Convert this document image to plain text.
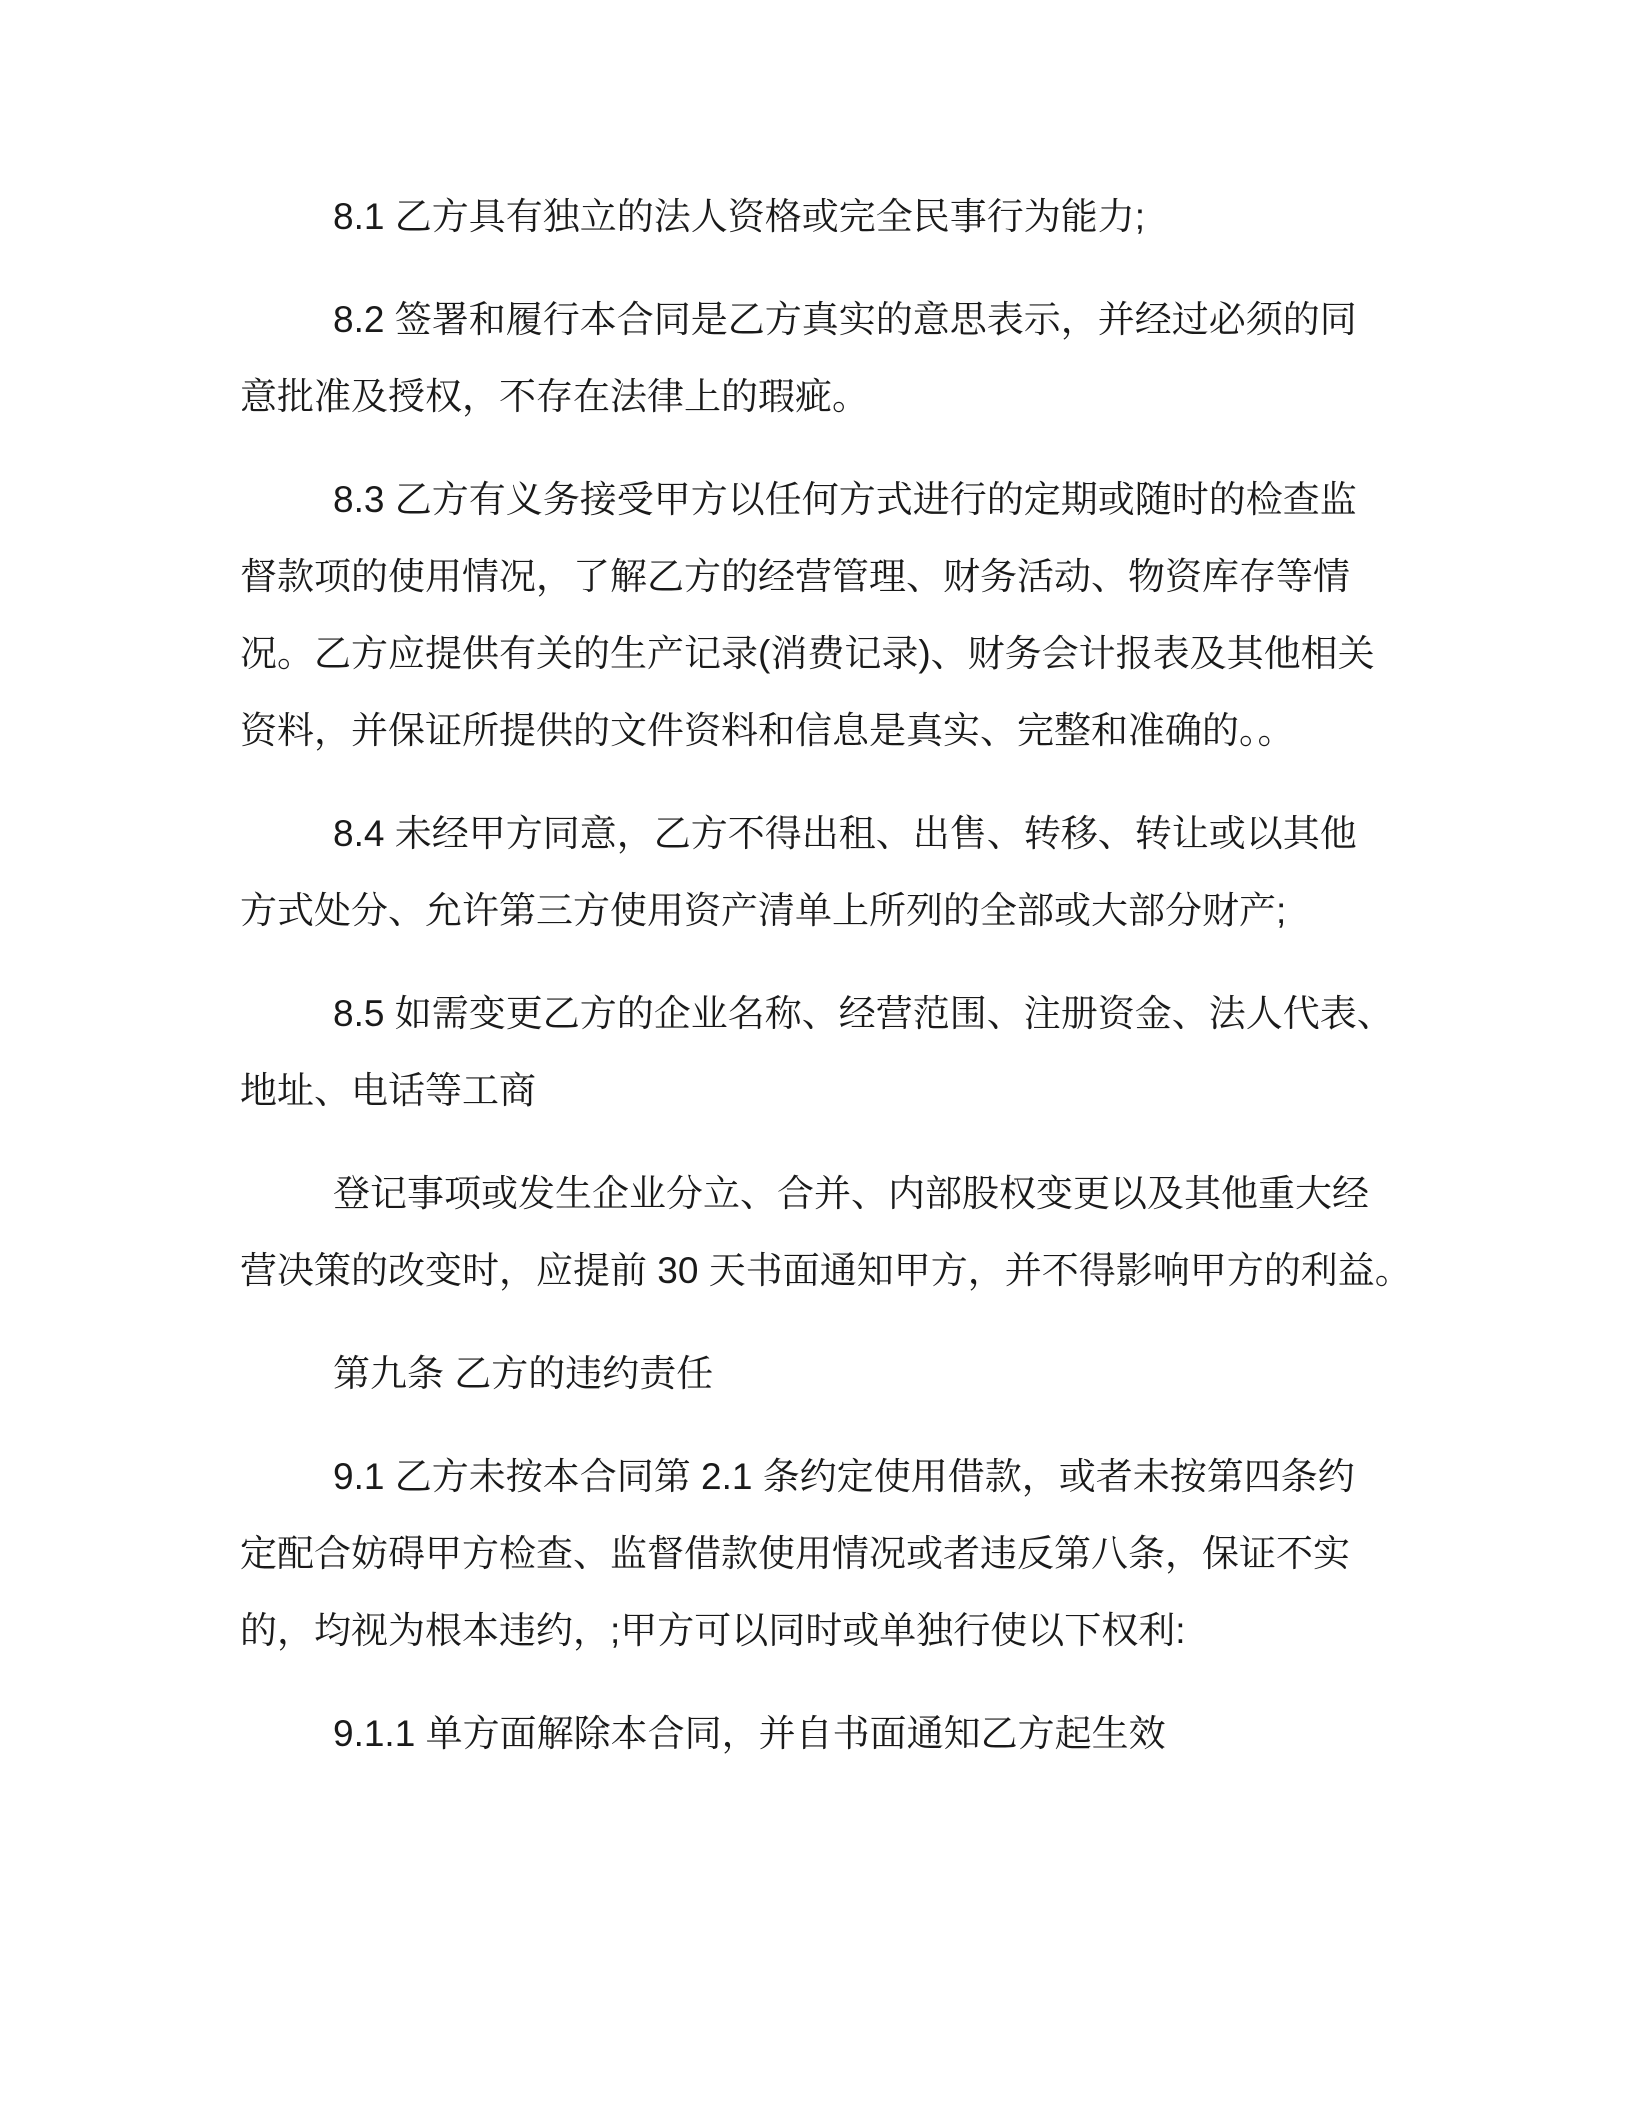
8.1 乙方具有独立的法人资格或完全民事行为能力;
8.2 签署和履行本合同是乙方真实的意思表示，并经过必须的同
意批准及授权，不存在法律上的瑕疵。
8.3 乙方有义务接受甲方以任何方式进行的定期或随时的检查监
督款项的使用情况，了解乙方的经营管理、财务活动、物资库存等情
况。乙方应提供有关的生产记录(消费记录)、财务会计报表及其他相关
资料，并保证所提供的文件资料和信息是真实、完整和准确的。。
8.4 未经甲方同意，乙方不得出租、出售、转移、转让或以其他
方式处分、允许第三方使用资产清单上所列的全部或大部分财产;
8.5 如需变更乙方的企业名称、经营范围、注册资金、法人代表、
地址、电话等工商
登记事项或发生企业分立、合并、内部股权变更以及其他重大经
营决策的改变时，应提前 30 天书面通知甲方，并不得影响甲方的利益。
第九条 乙方的违约责任
9.1 乙方未按本合同第 2.1 条约定使用借款，或者未按第四条约
定配合妨碍甲方检查、监督借款使用情况或者违反第八条，保证不实
的，均视为根本违约，;甲方可以同时或单独行使以下权利:
9.1.1 单方面解除本合同，并自书面通知乙方起生效
